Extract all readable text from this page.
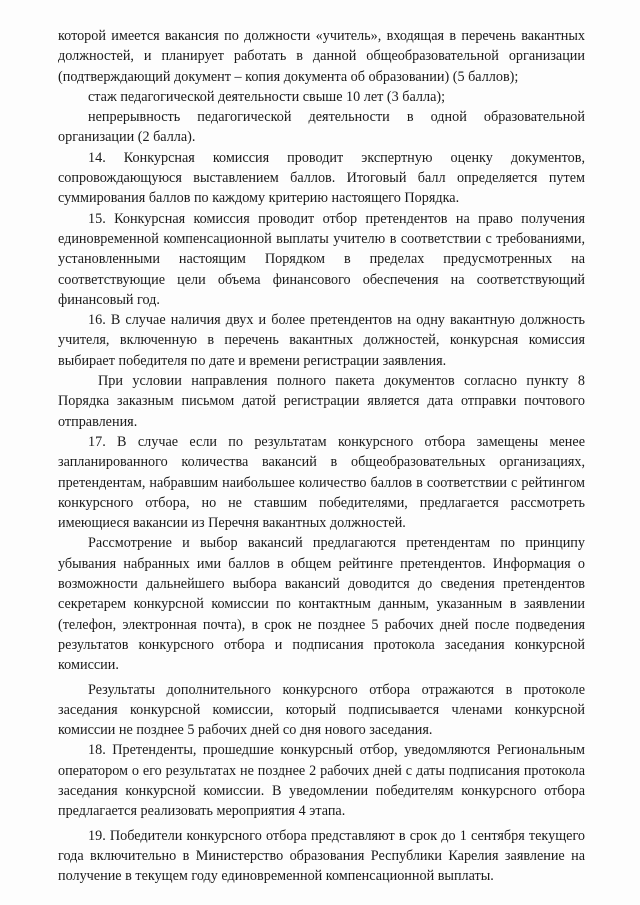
которой имеется вакансия по должности «учитель», входящая в перечень вакантных должностей, и планирует работать в данной общеобразовательной организации (подтверждающий документ – копия документа об образовании) (5 баллов);

стаж педагогической деятельности свыше 10 лет (3 балла);

непрерывность педагогической деятельности в одной образовательной организации (2 балла).

14. Конкурсная комиссия проводит экспертную оценку документов, сопровождающуюся выставлением баллов. Итоговый балл определяется путем суммирования баллов по каждому критерию настоящего Порядка.

15. Конкурсная комиссия проводит отбор претендентов на право получения единовременной компенсационной выплаты учителю в соответствии с требованиями, установленными настоящим Порядком в пределах предусмотренных на соответствующие цели объема финансового обеспечения на соответствующий финансовый год.

16. В случае наличия двух и более претендентов на одну вакантную должность учителя, включенную в перечень вакантных должностей, конкурсная комиссия выбирает победителя по дате и времени регистрации заявления.

При условии направления полного пакета документов согласно пункту 8 Порядка заказным письмом датой регистрации является дата отправки почтового отправления.

17. В случае если по результатам конкурсного отбора замещены менее запланированного количества вакансий в общеобразовательных организациях, претендентам, набравшим наибольшее количество баллов в соответствии с рейтингом конкурсного отбора, но не ставшим победителями, предлагается рассмотреть имеющиеся вакансии из Перечня вакантных должностей.

Рассмотрение и выбор вакансий предлагаются претендентам по принципу убывания набранных ими баллов в общем рейтинге претендентов. Информация о возможности дальнейшего выбора вакансий доводится до сведения претендентов секретарем конкурсной комиссии по контактным данным, указанным в заявлении (телефон, электронная почта), в срок не позднее 5 рабочих дней после подведения результатов конкурсного отбора и подписания протокола заседания конкурсной комиссии.

Результаты дополнительного конкурсного отбора отражаются в протоколе заседания конкурсной комиссии, который подписывается членами конкурсной комиссии не позднее 5 рабочих дней со дня нового заседания.

18. Претенденты, прошедшие конкурсный отбор, уведомляются Региональным оператором о его результатах не позднее 2 рабочих дней с даты подписания протокола заседания конкурсной комиссии. В уведомлении победителям конкурсного отбора предлагается реализовать мероприятия 4 этапа.

19. Победители конкурсного отбора представляют в срок до 1 сентября текущего года включительно в Министерство образования Республики Карелия заявление на получение в текущем году единовременной компенсационной выплаты.
